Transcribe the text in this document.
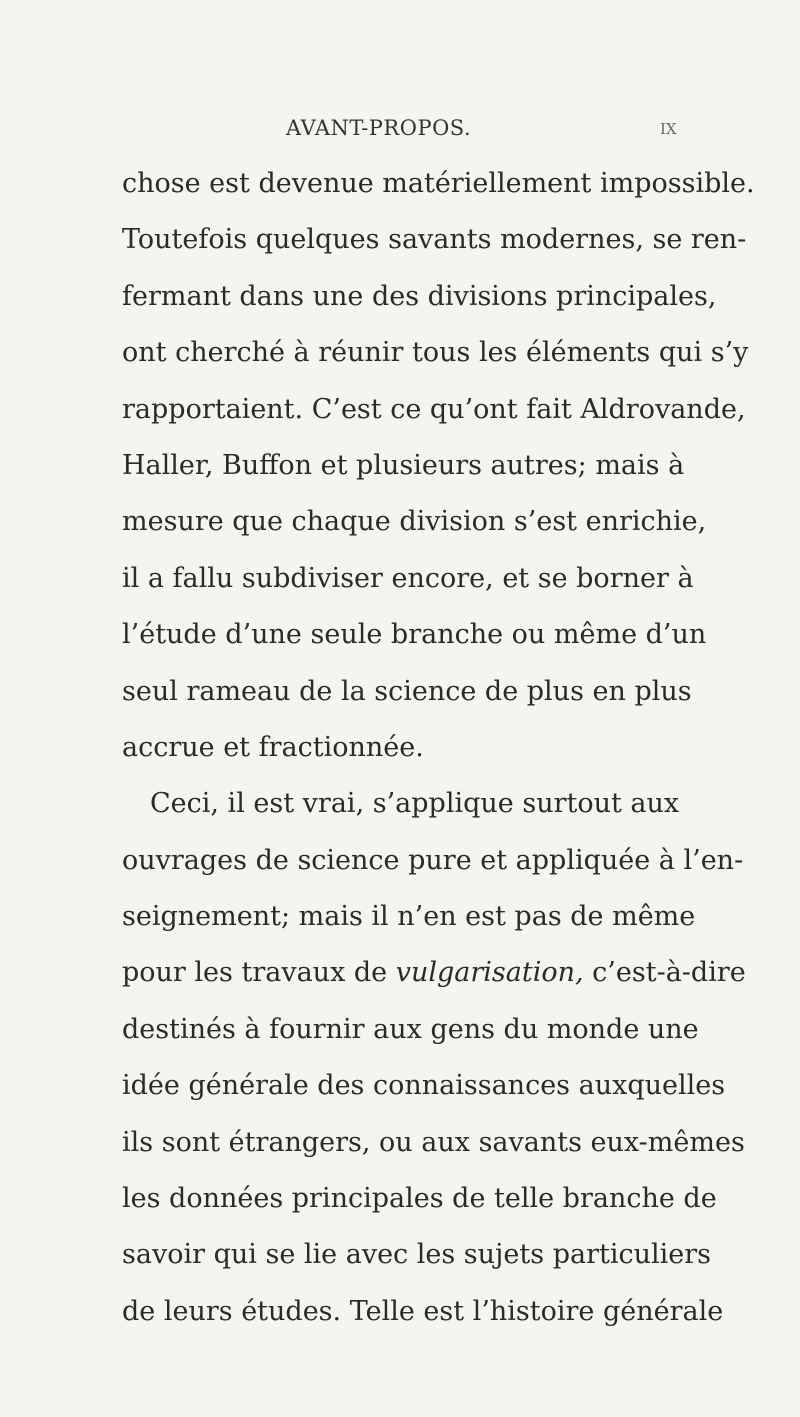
AVANT-PROPOS.	IX
chose est devenue matériellement impossible.
Toutefois quelques savants modernes, se ren-
fermant dans une des divisions principales,
ont cherché à réunir tous les éléments qui s’y
rapportaient. C’est ce qu’ont fait Aldrovande,
Haller, Buffon et plusieurs autres; mais à
mesure que chaque division s’est enrichie,
il a fallu subdiviser encore, et se borner à
l’étude d’une seule branche ou même d’un
seul rameau de la science de plus en plus
accrue et fractionnée.
Ceci, il est vrai, s’applique surtout aux
ouvrages de science pure et appliquée à l’en-
seignement; mais il n’en est pas de même
pour les travaux de vulgarisation, c’est-à-dire
destinés à fournir aux gens du monde une
idée générale des connaissances auxquelles
ils sont étrangers, ou aux savants eux-mêmes
les données principales de telle branche de
savoir qui se lie avec les sujets particuliers
de leurs études. Telle est l’histoire générale
